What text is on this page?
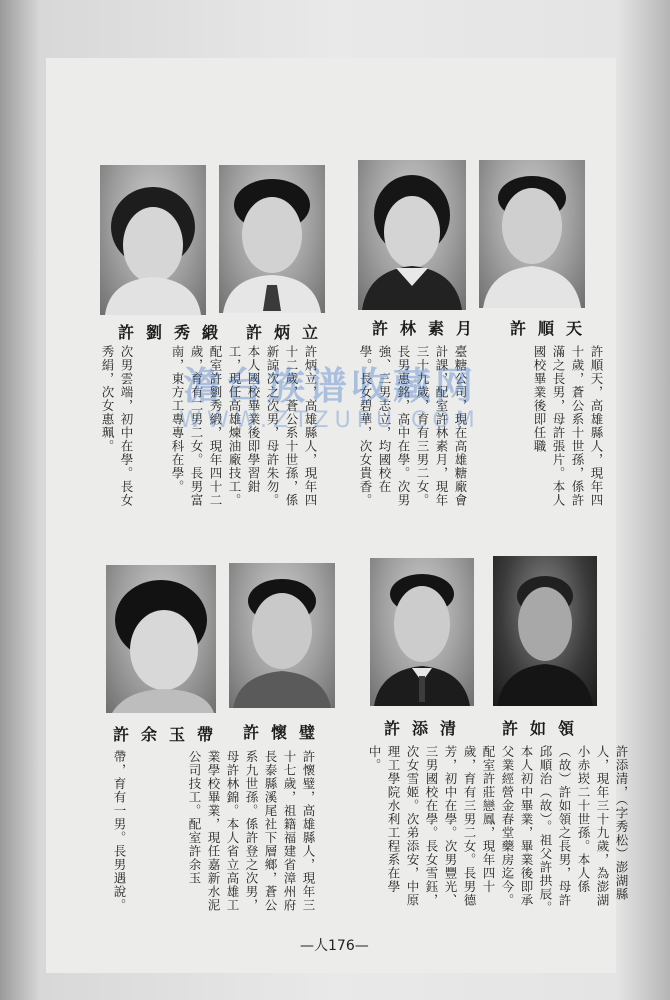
許劉秀緞 許炳立	許林素月 許順天
次男雲端，初中在學。長女秀絹，次女惠珮。	許炳立，高雄縣人，現年四十二歲，蒼公系十世孫，係新諒次之次男，母許朱勿。本人國校畢業後即學習鉗工，現任高雄煉油廠技工。配室許劉秀緞，現年四十二歲，育有二男二女。長男富南，東方工專專科在學。	臺糖公司，現在高雄糖廠會計課，配室許林素月，現年三十九歲，育有三男二女。長男惠銘，高中在學。次男強、三男志立，均國校在學。長女碧華，次女貴香。	許順天，高雄縣人，現年四十歲，蒼公系十世孫，係許滿之長男，母許張片。本人國校畢業後即任職
澹台族谱收藏网
WWW.ZTZUPU.COM
許余玉帶 許懷璧	許添清 許如領
帶，育有一男。長男遇說。	許懷璧，高雄縣人，現年三十七歲，祖籍福建省漳州府長泰縣溪尾社下層鄉，蒼公系九世孫。係許登之次男，母許林錦。本人省立高雄工業學校畢業，現任嘉新水泥公司技工。配室許余玉	許添清，（字秀松）澎湖縣人，現年三十九歲，為澎湖小赤崁二十世孫。本人係（故）許如領之長男，母許邱順治（故）。祖父許拱辰。本人初中畢業，畢業後即承父業經營金春堂藥房迄今。配室許莊戀鳳，現年四十歲，育有三男二女。長男德芳，初中在學。次男豐光、三男國校在學。長女雪鈺，次女雪姬。次弟添安，中原理工學院水利工程系在學中。
—人176—
